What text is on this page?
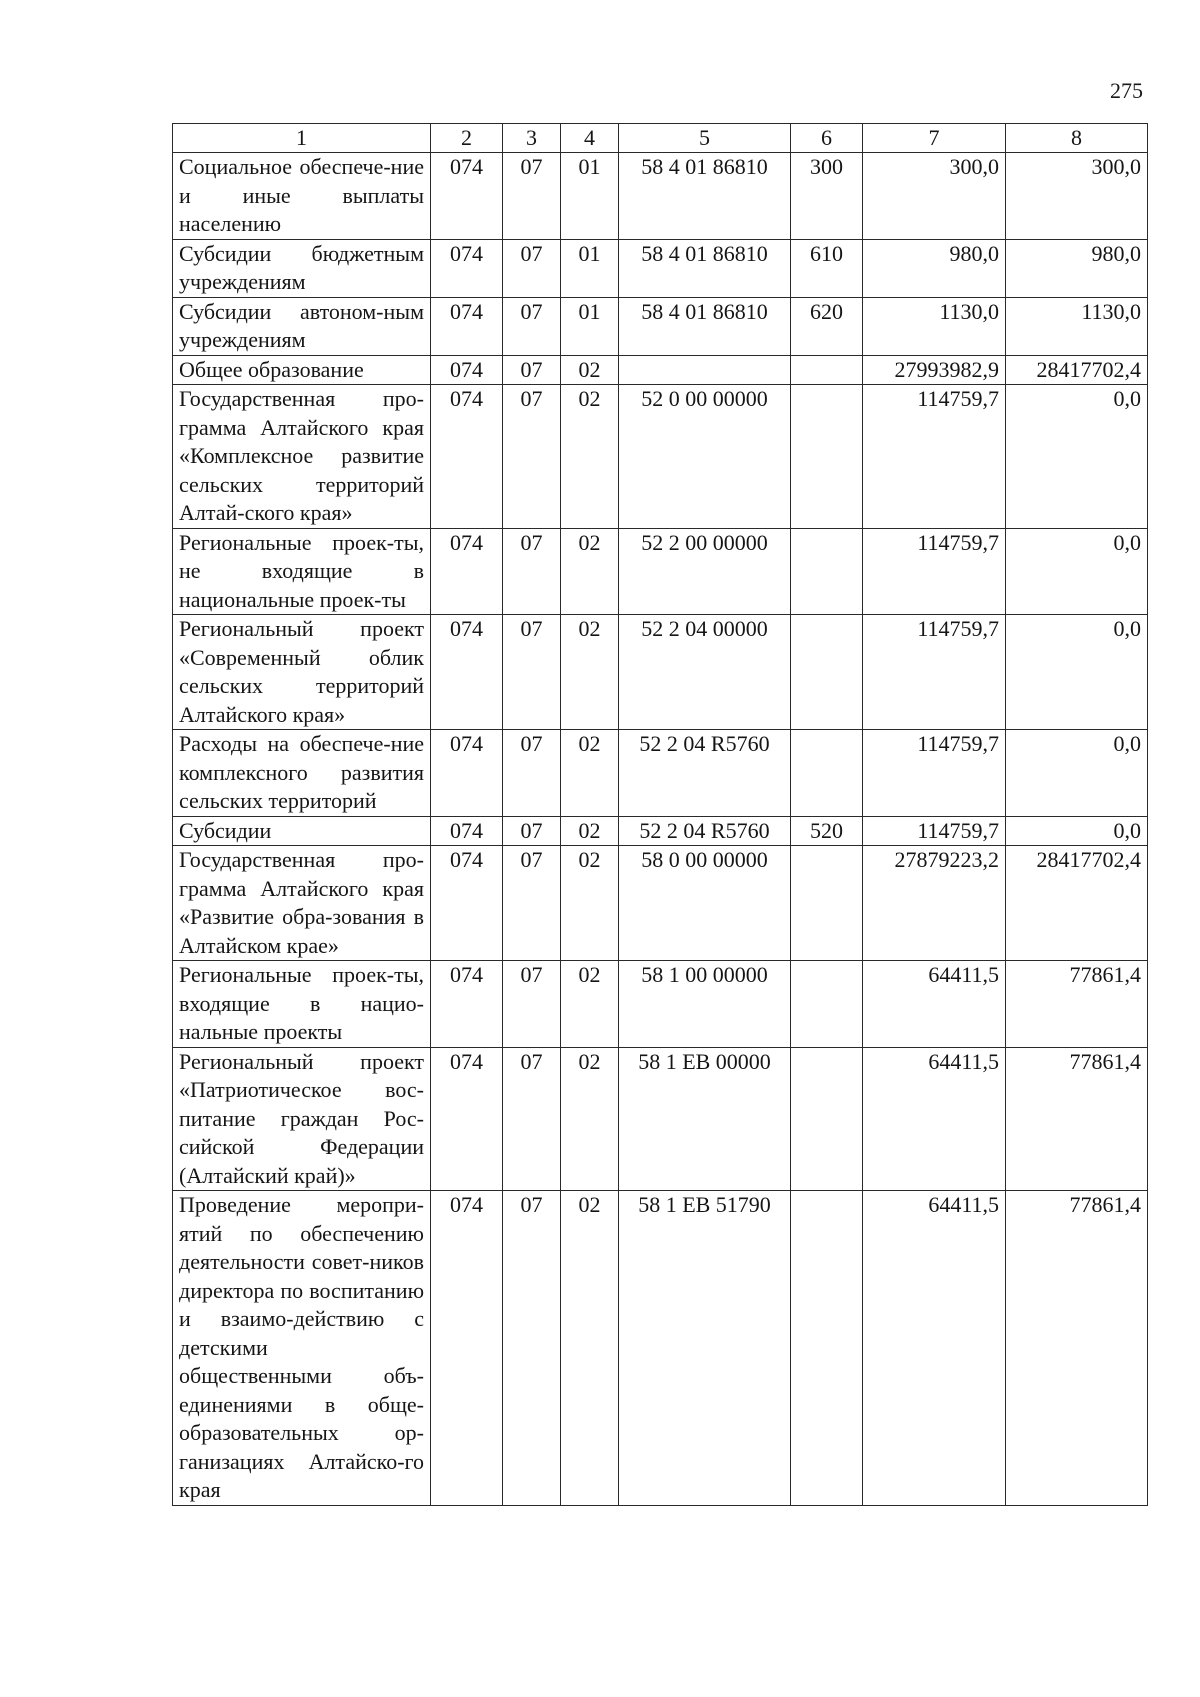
275
1	2	3	4	5	6	7	8
Социальное обеспече-ние и иные выплаты населению	074	07	01	58 4 01 86810	300	300,0	300,0
Субсидии бюджетным учреждениям	074	07	01	58 4 01 86810	610	980,0	980,0
Субсидии автоном-ным учреждениям	074	07	01	58 4 01 86810	620	1130,0	1130,0
Общее образование	074	07	02			27993982,9	28417702,4
Государственная про-грамма Алтайского края «Комплексное развитие сельских территорий Алтай-ского края»	074	07	02	52 0 00 00000		114759,7	0,0
Региональные проек-ты, не входящие в национальные проек-ты	074	07	02	52 2 00 00000		114759,7	0,0
Региональный проект «Современный облик сельских территорий Алтайского края»	074	07	02	52 2 04 00000		114759,7	0,0
Расходы на обеспече-ние комплексного развития сельских территорий	074	07	02	52 2 04 R5760		114759,7	0,0
Субсидии	074	07	02	52 2 04 R5760	520	114759,7	0,0
Государственная про-грамма Алтайского края «Развитие обра-зования в Алтайском крае»	074	07	02	58 0 00 00000		27879223,2	28417702,4
Региональные проек-ты, входящие в нацио-нальные проекты	074	07	02	58 1 00 00000		64411,5	77861,4
Региональный проект «Патриотическое вос-питание граждан Рос-сийской Федерации (Алтайский край)»	074	07	02	58 1 EB 00000		64411,5	77861,4
Проведение меропри-ятий по обеспечению деятельности совет-ников директора по воспитанию и взаимо-действию с детскими общественными объ-единениями в обще-образовательных ор-ганизациях Алтайско-го края	074	07	02	58 1 EB 51790		64411,5	77861,4
